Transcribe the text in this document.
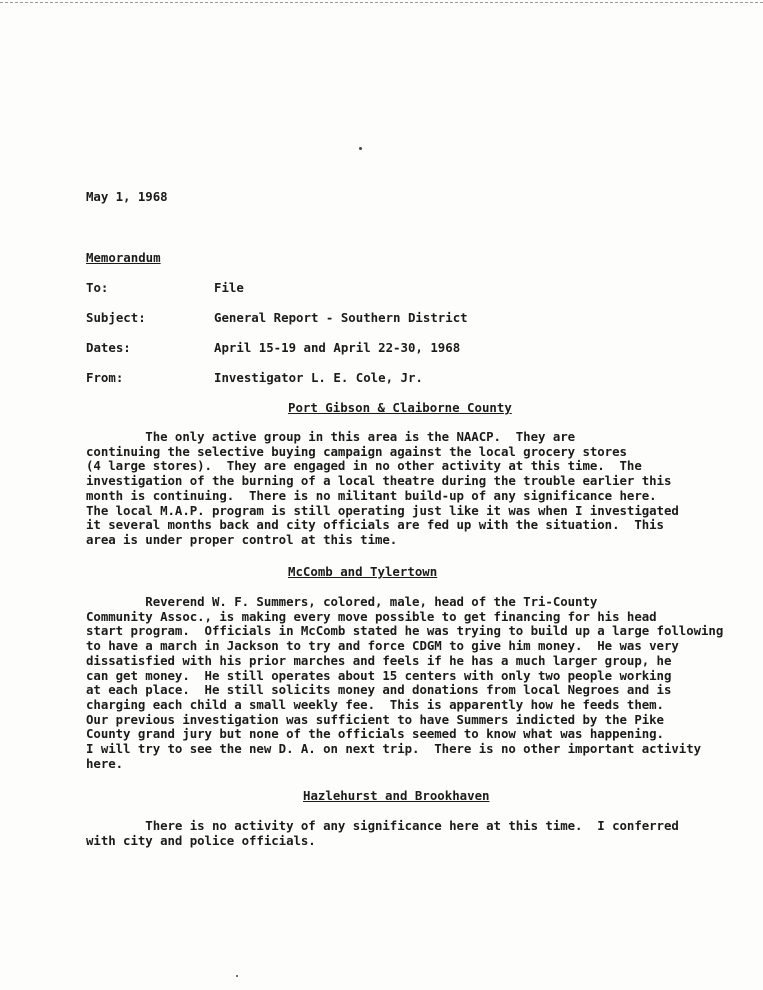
May 1, 1968
Memorandum
To:	File
Subject:	General Report - Southern District
Dates:	April 15-19 and April 22-30, 1968
From:	Investigator L. E. Cole, Jr.
Port Gibson & Claiborne County
The only active group in this area is the NAACP.  They are
continuing the selective buying campaign against the local grocery stores
(4 large stores).  They are engaged in no other activity at this time.  The
investigation of the burning of a local theatre during the trouble earlier this
month is continuing.  There is no militant build-up of any significance here.
The local M.A.P. program is still operating just like it was when I investigated
it several months back and city officials are fed up with the situation.  This
area is under proper control at this time.
McComb and Tylertown
Reverend W. F. Summers, colored, male, head of the Tri-County
Community Assoc., is making every move possible to get financing for his head
start program.  Officials in McComb stated he was trying to build up a large following
to have a march in Jackson to try and force CDGM to give him money.  He was very
dissatisfied with his prior marches and feels if he has a much larger group, he
can get money.  He still operates about 15 centers with only two people working
at each place.  He still solicits money and donations from local Negroes and is
charging each child a small weekly fee.  This is apparently how he feeds them.
Our previous investigation was sufficient to have Summers indicted by the Pike
County grand jury but none of the officials seemed to know what was happening.
I will try to see the new D. A. on next trip.  There is no other important activity
here.
Hazlehurst and Brookhaven
There is no activity of any significance here at this time.  I conferred
with city and police officials.
